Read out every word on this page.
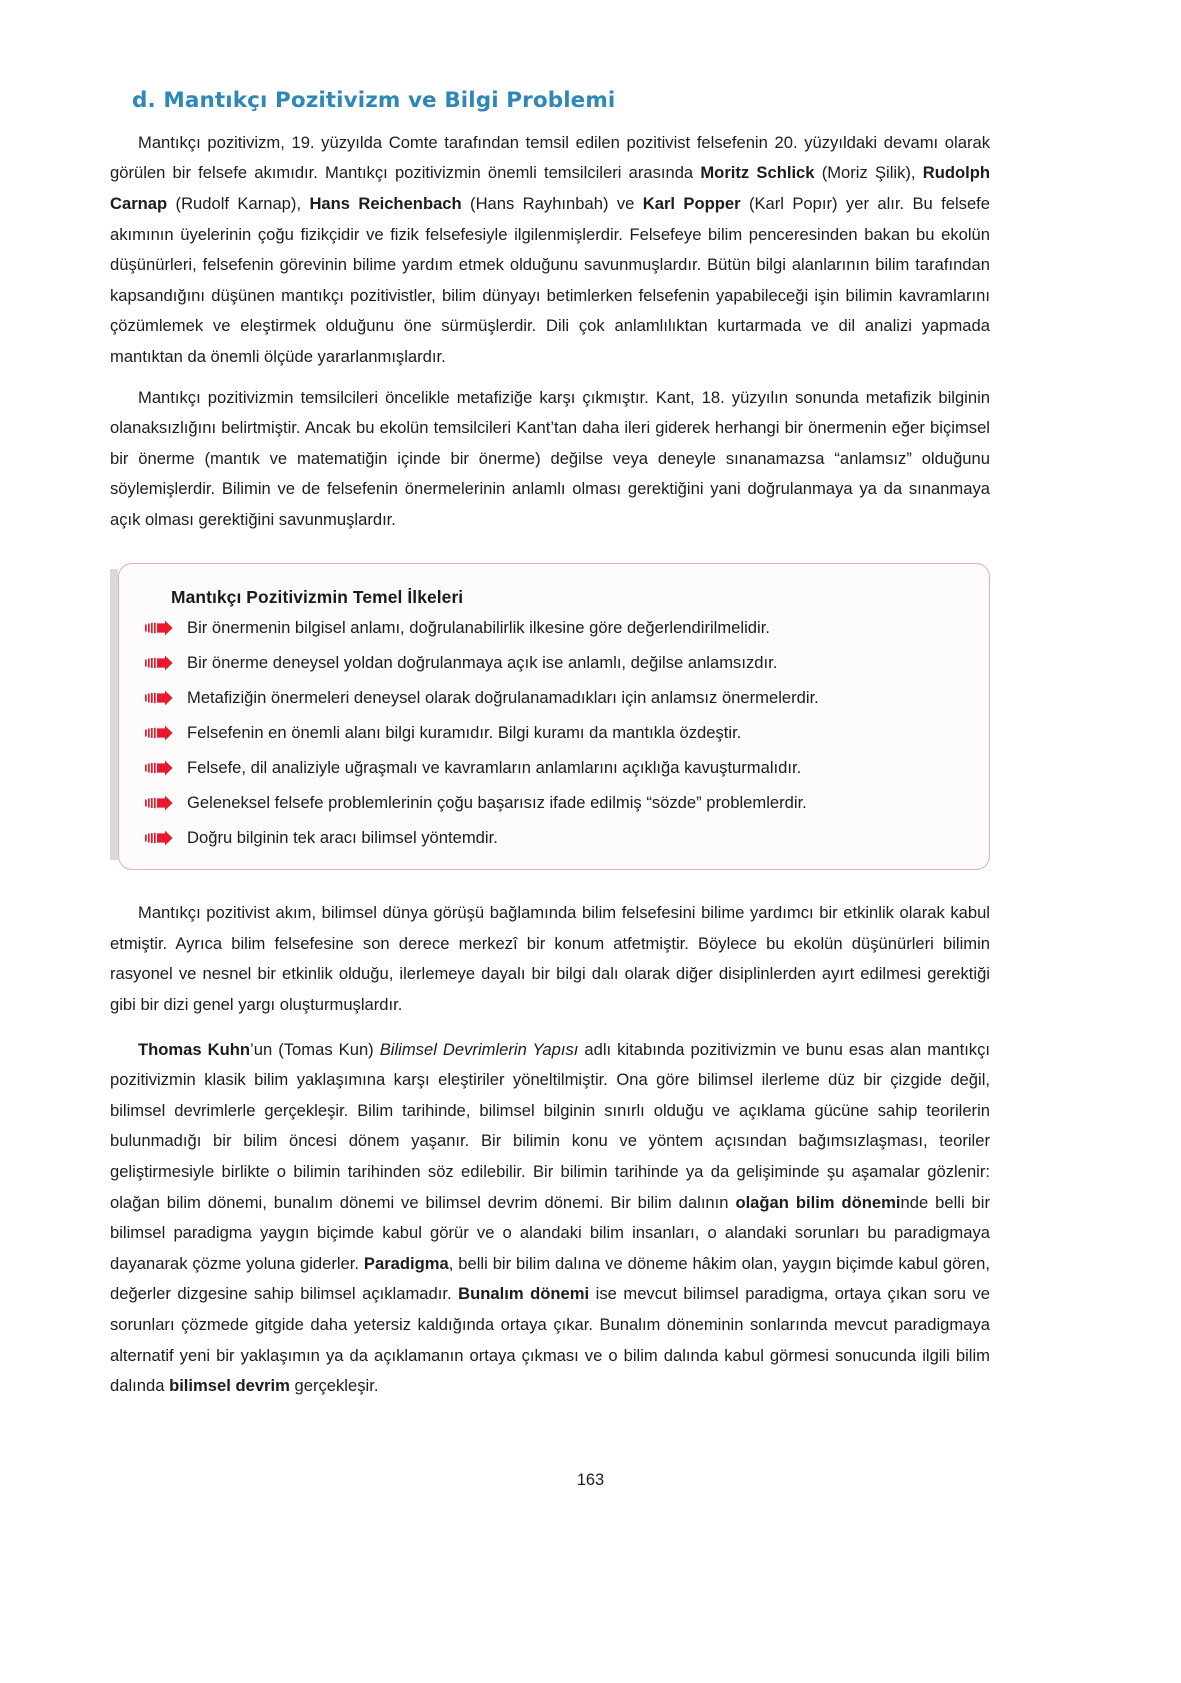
d. Mantıkçı Pozitivizm ve Bilgi Problemi

Mantıkçı pozitivizm, 19. yüzyılda Comte tarafından temsil edilen pozitivist felsefenin 20. yüzyıldaki devamı olarak görülen bir felsefe akımıdır. Mantıkçı pozitivizmin önemli temsilcileri arasında Moritz Schlick (Moriz Şilik), Rudolph Carnap (Rudolf Karnap), Hans Reichenbach (Hans Rayhınbah) ve Karl Popper (Karl Popır) yer alır. Bu felsefe akımının üyelerinin çoğu fizikçidir ve fizik felsefesiyle ilgilenmişlerdir. Felsefeye bilim penceresinden bakan bu ekolün düşünürleri, felsefenin görevinin bilime yardım etmek olduğunu savunmuşlardır. Bütün bilgi alanlarının bilim tarafından kapsandığını düşünen mantıkçı pozitivistler, bilim dünyayı betimlerken felsefenin yapabileceği işin bilimin kavramlarını çözümlemek ve eleştirmek olduğunu öne sürmüşlerdir. Dili çok anlamlılıktan kurtarmada ve dil analizi yapmada mantıktan da önemli ölçüde yararlanmışlardır.

Mantıkçı pozitivizmin temsilcileri öncelikle metafiziğe karşı çıkmıştır. Kant, 18. yüzyılın sonunda metafizik bilginin olanaksızlığını belirtmiştir. Ancak bu ekolün temsilcileri Kant’tan daha ileri giderek herhangi bir önermenin eğer biçimsel bir önerme (mantık ve matematiğin içinde bir önerme) değilse veya deneyle sınanamazsa “anlamsız” olduğunu söylemişlerdir. Bilimin ve de felsefenin önermelerinin anlamlı olması gerektiğini yani doğrulanmaya ya da sınanmaya açık olması gerektiğini savunmuşlardır.

Mantıkçı Pozitivizmin Temel İlkeleri
Bir önermenin bilgisel anlamı, doğrulanabilirlik ilkesine göre değerlendirilmelidir.
Bir önerme deneysel yoldan doğrulanmaya açık ise anlamlı, değilse anlamsızdır.
Metafiziğin önermeleri deneysel olarak doğrulanamadıkları için anlamsız önermelerdir.
Felsefenin en önemli alanı bilgi kuramıdır. Bilgi kuramı da mantıkla özdeştir.
Felsefe, dil analiziyle uğraşmalı ve kavramların anlamlarını açıklığa kavuşturmalıdır.
Geleneksel felsefe problemlerinin çoğu başarısız ifade edilmiş “sözde” problemlerdir.
Doğru bilginin tek aracı bilimsel yöntemdir.

Mantıkçı pozitivist akım, bilimsel dünya görüşü bağlamında bilim felsefesini bilime yardımcı bir etkinlik olarak kabul etmiştir. Ayrıca bilim felsefesine son derece merkezî bir konum atfetmiştir. Böylece bu ekolün düşünürleri bilimin rasyonel ve nesnel bir etkinlik olduğu, ilerlemeye dayalı bir bilgi dalı olarak diğer disiplinlerden ayırt edilmesi gerektiği gibi bir dizi genel yargı oluşturmuşlardır.

Thomas Kuhn’un (Tomas Kun) Bilimsel Devrimlerin Yapısı adlı kitabında pozitivizmin ve bunu esas alan mantıkçı pozitivizmin klasik bilim yaklaşımına karşı eleştiriler yöneltilmiştir. Ona göre bilimsel ilerleme düz bir çizgide değil, bilimsel devrimlerle gerçekleşir. Bilim tarihinde, bilimsel bilginin sınırlı olduğu ve açıklama gücüne sahip teorilerin bulunmadığı bir bilim öncesi dönem yaşanır. Bir bilimin konu ve yöntem açısından bağımsızlaşması, teoriler geliştirmesiyle birlikte o bilimin tarihinden söz edilebilir. Bir bilimin tarihinde ya da gelişiminde şu aşamalar gözlenir: olağan bilim dönemi, bunalım dönemi ve bilimsel devrim dönemi. Bir bilim dalının olağan bilim döneminde belli bir bilimsel paradigma yaygın biçimde kabul görür ve o alandaki bilim insanları, o alandaki sorunları bu paradigmaya dayanarak çözme yoluna giderler. Paradigma, belli bir bilim dalına ve döneme hâkim olan, yaygın biçimde kabul gören, değerler dizgesine sahip bilimsel açıklamadır. Bunalım dönemi ise mevcut bilimsel paradigma, ortaya çıkan soru ve sorunları çözmede gitgide daha yetersiz kaldığında ortaya çıkar. Bunalım döneminin sonlarında mevcut paradigmaya alternatif yeni bir yaklaşımın ya da açıklamanın ortaya çıkması ve o bilim dalında kabul görmesi sonucunda ilgili bilim dalında bilimsel devrim gerçekleşir.

163
